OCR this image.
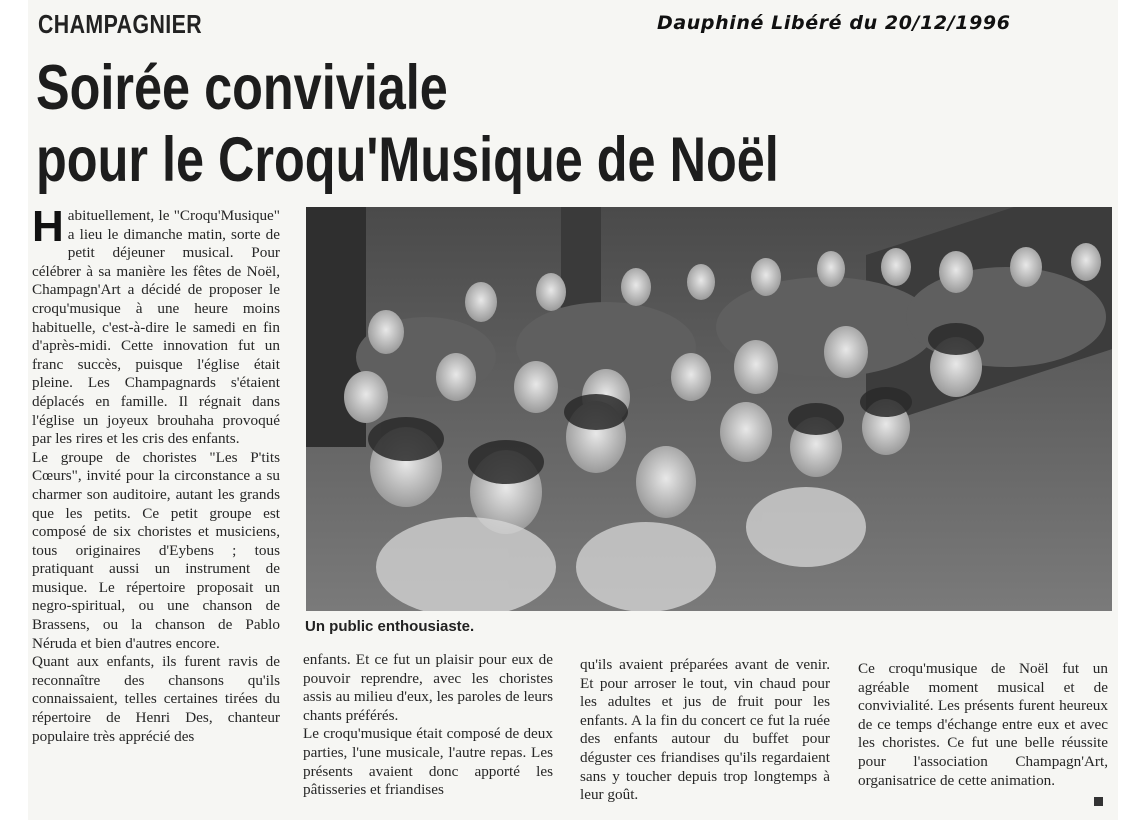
CHAMPAGNIER	Dauphiné Libéré du 20/12/1996

Soirée conviviale
pour le Croqu'Musique de Noël

Habituellement, le "Croqu'Musique" a lieu le dimanche matin, sorte de petit déjeuner musical. Pour célébrer à sa manière les fêtes de Noël, Champagn'Art a décidé de proposer le croqu'musique à une heure moins habituelle, c'est-à-dire le samedi en fin d'après-midi. Cette innovation fut un franc succès, puisque l'église était pleine. Les Champagnards s'étaient déplacés en famille. Il régnait dans l'église un joyeux brouhaha provoqué par les rires et les cris des enfants.

Le groupe de choristes "Les P'tits Cœurs", invité pour la circonstance a su charmer son auditoire, autant les grands que les petits. Ce petit groupe est composé de six choristes et musiciens, tous originaires d'Eybens ; tous pratiquant aussi un instrument de musique. Le répertoire proposait un negro-spiritual, ou une chanson de Brassens, ou la chanson de Pablo Néruda et bien d'autres encore.

Quant aux enfants, ils furent ravis de reconnaître des chansons qu'ils connaissaient, telles certaines tirées du répertoire de Henri Des, chanteur populaire très apprécié des

Un public enthousiaste.

enfants. Et ce fut un plaisir pour eux de pouvoir reprendre, avec les choristes assis au milieu d'eux, les paroles de leurs chants préférés.

Le croqu'musique était composé de deux parties, l'une musicale, l'autre repas. Les présents avaient donc apporté les pâtisseries et friandises

qu'ils avaient préparées avant de venir. Et pour arroser le tout, vin chaud pour les adultes et jus de fruit pour les enfants. A la fin du concert ce fut la ruée des enfants autour du buffet pour déguster ces friandises qu'ils regardaient sans y toucher depuis trop longtemps à leur goût.

Ce croqu'musique de Noël fut un agréable moment musical et de convivialité. Les présents furent heureux de ce temps d'échange entre eux et avec les choristes. Ce fut une belle réussite pour l'association Champagn'Art, organisatrice de cette animation.
